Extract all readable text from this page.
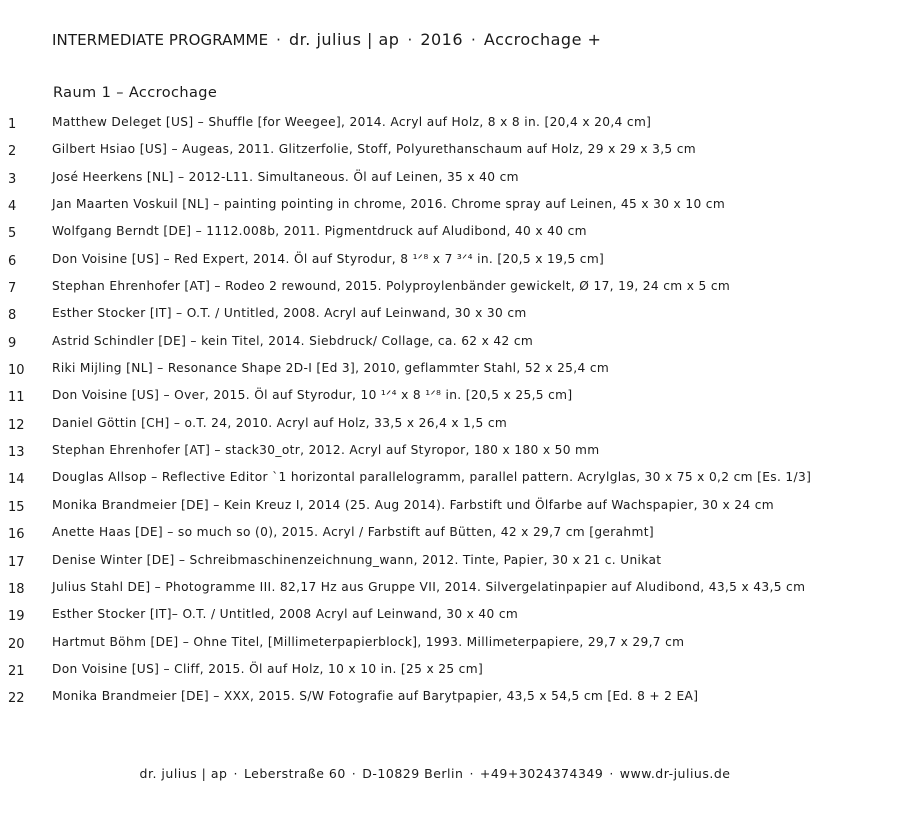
INTERMEDIATE PROGRAMME · dr. julius | ap · 2016 · Accrochage +
Raum 1 – Accrochage
1	Matthew Deleget [US] – Shuffle [for Weegee], 2014. Acryl auf Holz, 8 x 8 in. [20,4 x 20,4 cm]
2	Gilbert Hsiao [US] – Augeas, 2011. Glitzerfolie, Stoff, Polyurethanschaum auf Holz, 29 x 29 x 3,5 cm
3	José Heerkens [NL] – 2012-L11. Simultaneous. Öl auf Leinen, 35 x 40 cm
4	Jan Maarten Voskuil [NL] – painting pointing in chrome, 2016. Chrome spray auf Leinen, 45 x 30 x 10 cm
5	Wolfgang Berndt [DE] – 1112.008b, 2011. Pigmentdruck auf Aludibond, 40 x 40 cm
6	Don Voisine [US] – Red Expert, 2014. Öl auf Styrodur, 8 ¹ᐟ⁸ x 7 ³ᐟ⁴ in. [20,5 x 19,5 cm]
7	Stephan Ehrenhofer [AT] – Rodeo 2 rewound, 2015. Polyproylenbänder gewickelt, Ø 17, 19, 24 cm x 5 cm
8	Esther Stocker [IT] – O.T. / Untitled, 2008. Acryl auf Leinwand, 30 x 30 cm
9	Astrid Schindler [DE] – kein Titel, 2014. Siebdruck/ Collage, ca. 62 x 42 cm
10 Riki Mijling [NL] – Resonance Shape 2D-I [Ed 3], 2010, geflammter Stahl, 52 x 25,4 cm
11 Don Voisine [US] – Over, 2015. Öl auf Styrodur, 10 ¹ᐟ⁴ x 8 ¹ᐟ⁸ in. [20,5 x 25,5 cm]
12 Daniel Göttin [CH] – o.T. 24, 2010. Acryl auf Holz, 33,5 x 26,4 x 1,5 cm
13 Stephan Ehrenhofer [AT] – stack30_otr, 2012. Acryl auf Styropor, 180 x 180 x 50 mm
14 Douglas Allsop – Reflective Editor `1 horizontal parallelogramm, parallel pattern. Acrylglas, 30 x 75 x 0,2 cm [Es. 1/3]
15 Monika Brandmeier [DE] – Kein Kreuz I, 2014 (25. Aug 2014). Farbstift und Ölfarbe auf Wachspapier, 30 x 24 cm
16 Anette Haas [DE] – so much so (0), 2015. Acryl / Farbstift auf Bütten, 42 x 29,7 cm [gerahmt]
17 Denise Winter [DE] – Schreibmaschinenzeichnung_wann, 2012. Tinte, Papier, 30 x 21 c. Unikat
18 Julius Stahl DE] – Photogramme III. 82,17 Hz aus Gruppe VII, 2014. Silvergelatinpapier auf Aludibond, 43,5 x 43,5 cm
19 Esther Stocker [IT]– O.T. / Untitled, 2008 Acryl auf Leinwand, 30 x 40 cm
20 Hartmut Böhm [DE] – Ohne Titel, [Millimeterpapierblock], 1993. Millimeterpapiere, 29,7 x 29,7 cm
21 Don Voisine [US] – Cliff, 2015. Öl auf Holz, 10 x 10 in. [25 x 25 cm]
22 Monika Brandmeier [DE] – XXX, 2015. S/W Fotografie auf Barytpapier, 43,5 x 54,5 cm [Ed. 8 + 2 EA]
dr. julius | ap · Leberstraße 60 · D-10829 Berlin · +49+3024374349 · www.dr-julius.de
